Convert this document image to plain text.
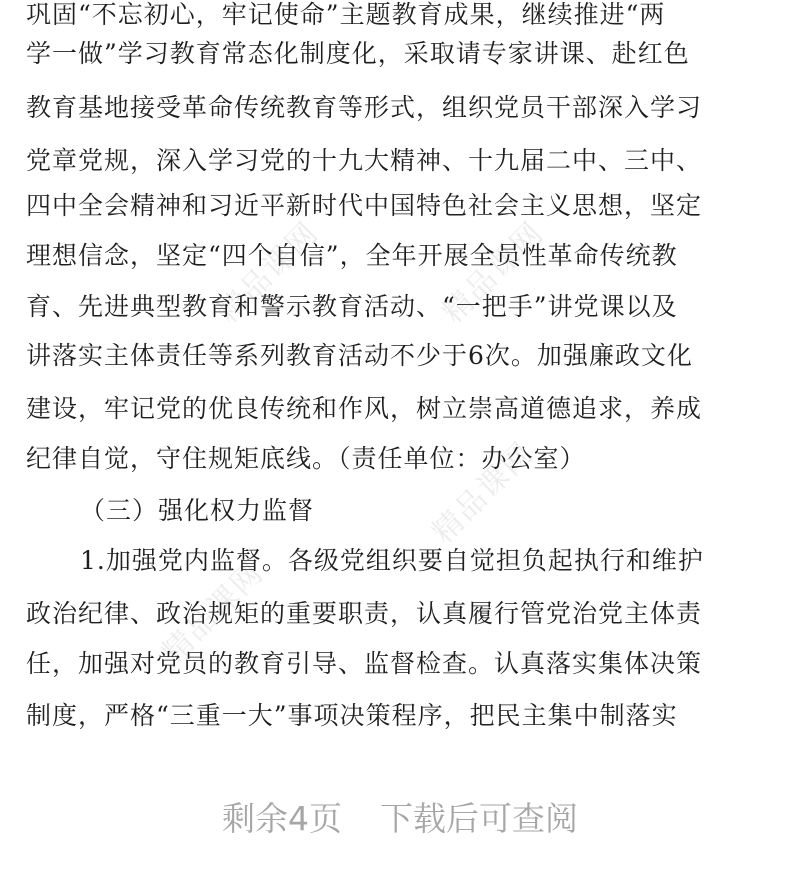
精品课网	精品课网
精品课网
精品课网
巩固“不忘初心，牢记使命”主题教育成果，继续推进“两
学一做”学习教育常态化制度化，采取请专家讲课、赴红色
教育基地接受革命传统教育等形式，组织党员干部深入学习
党章党规，深入学习党的十九大精神、十九届二中、三中、
四中全会精神和习近平新时代中国特色社会主义思想，坚定
理想信念，坚定“四个自信”，全年开展全员性革命传统教
育、先进典型教育和警示教育活动、“一把手”讲党课以及
讲落实主体责任等系列教育活动不少于6次。加强廉政文化
建设，牢记党的优良传统和作风，树立崇高道德追求，养成
纪律自觉，守住规矩底线。（责任单位：办公室）
（三）强化权力监督
1.加强党内监督。各级党组织要自觉担负起执行和维护
政治纪律、政治规矩的重要职责，认真履行管党治党主体责
任，加强对党员的教育引导、监督检查。认真落实集体决策
制度，严格“三重一大”事项决策程序，把民主集中制落实
剩余4页 下载后可查阅
